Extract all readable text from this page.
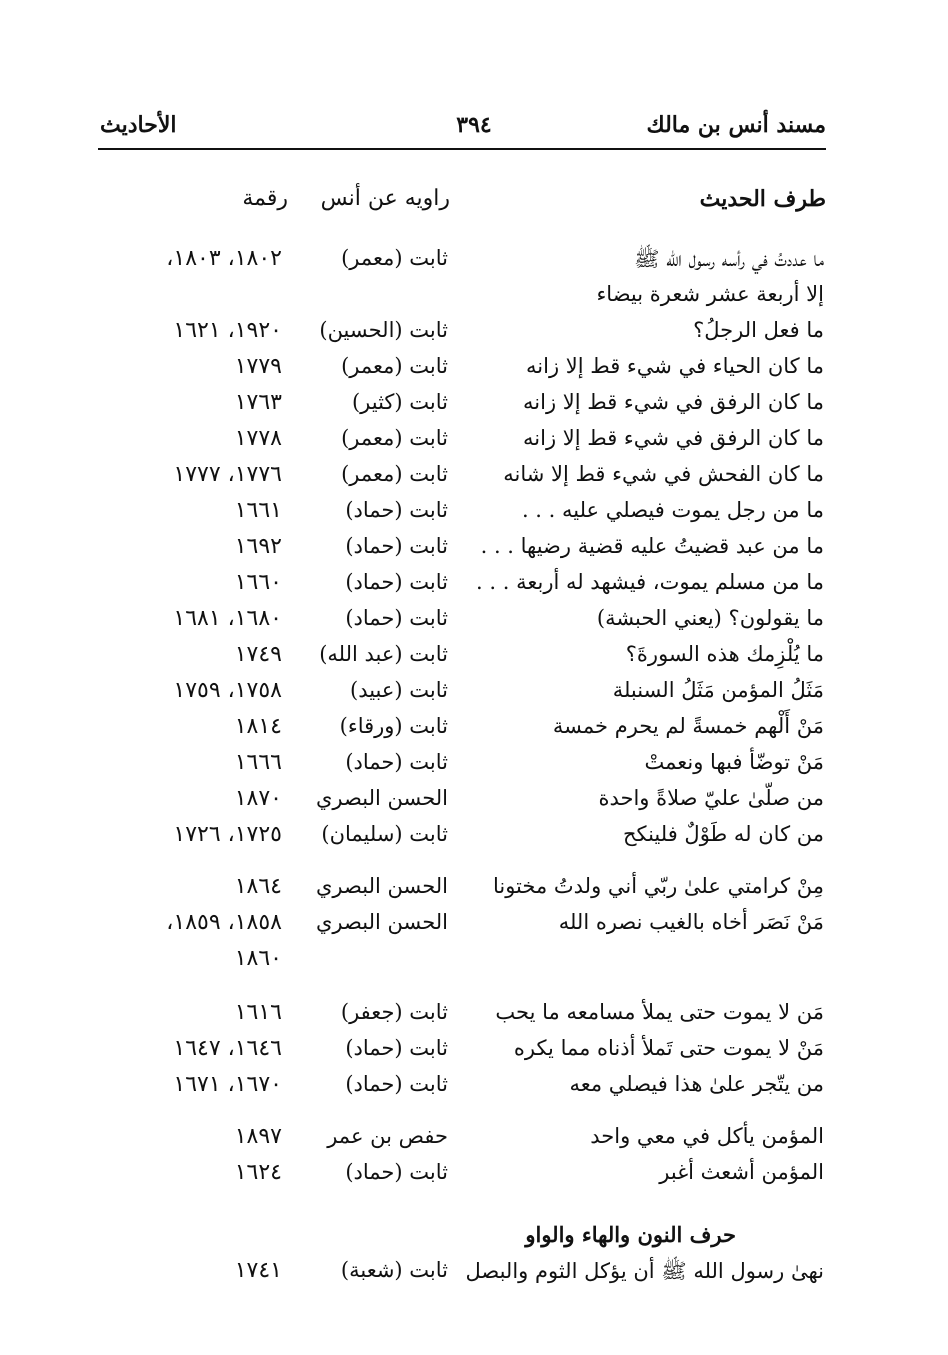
مسند أنس بن مالك
٣٩٤
الأحاديث
طرف الحديث
راويه عن أنس
رقمة
ما عددتُ في رأسه رسول الله ﷺ
ثابت (معمر)
١٨٠٢، ١٨٠٣،
إلا أربعة عشر شعرة بيضاء
ما فعل الرجلُ؟
ثابت (الحسين)
١٩٢٠، ١٦٢١
ما كان الحياء في شيء قط إلا زانه
ثابت (معمر)
١٧٧٩
ما كان الرفق في شيء قط إلا زانه
ثابت (كثير)
١٧٦٣
ما كان الرفق في شيء قط إلا زانه
ثابت (معمر)
١٧٧٨
ما كان الفحش في شيء قط إلا شانه
ثابت (معمر)
١٧٧٦، ١٧٧٧
ما من رجل يموت فيصلي عليه . . .
ثابت (حماد)
١٦٦١
ما من عبد قضيتُ عليه قضية رضيها . . .
ثابت (حماد)
١٦٩٢
ما من مسلم يموت، فيشهد له أربعة . . .
ثابت (حماد)
١٦٦٠
ما يقولون؟ (يعني الحبشة)
ثابت (حماد)
١٦٨٠، ١٦٨١
ما يُلْزِمك هذه السورةَ؟
ثابت (عبد الله)
١٧٤٩
مَثَلُ المؤمن مَثَلُ السنبلة
ثابت (عبيد)
١٧٥٨، ١٧٥٩
مَنْ أَلْهم خمسةً لم يحرم خمسة
ثابت (ورقاء)
١٨١٤
مَنْ توضّأ فبها ونعمتْ
ثابت (حماد)
١٦٦٦
من صلّىٰ عليّ صلاةً واحدة
الحسن البصري
١٨٧٠
من كان له طَوْلٌ فلينكح
ثابت (سليمان)
١٧٢٥، ١٧٢٦
مِنْ كرامتي علىٰ ربّي أني ولدتُ مختونا
الحسن البصري
١٨٦٤
مَنْ نَصَر أخاه بالغيب نصره الله
الحسن البصري
١٨٥٨، ١٨٥٩،
١٨٦٠
مَن لا يموت حتى يملأ مسامعه ما يحب
ثابت (جعفر)
١٦١٦
مَنْ لا يموت حتى تَملأ أذناه مما يكره
ثابت (حماد)
١٦٤٦، ١٦٤٧
من يتّجر علىٰ هذا فيصلي معه
ثابت (حماد)
١٦٧٠، ١٦٧١
المؤمن يأكل في معي واحد
حفص بن عمر
١٨٩٧
المؤمن أشعث أغبر
ثابت (حماد)
١٦٢٤
حرف النون والهاء والواو
نهىٰ رسول الله ﷺ أن يؤكل الثوم والبصل
ثابت (شعبة)
١٧٤١
